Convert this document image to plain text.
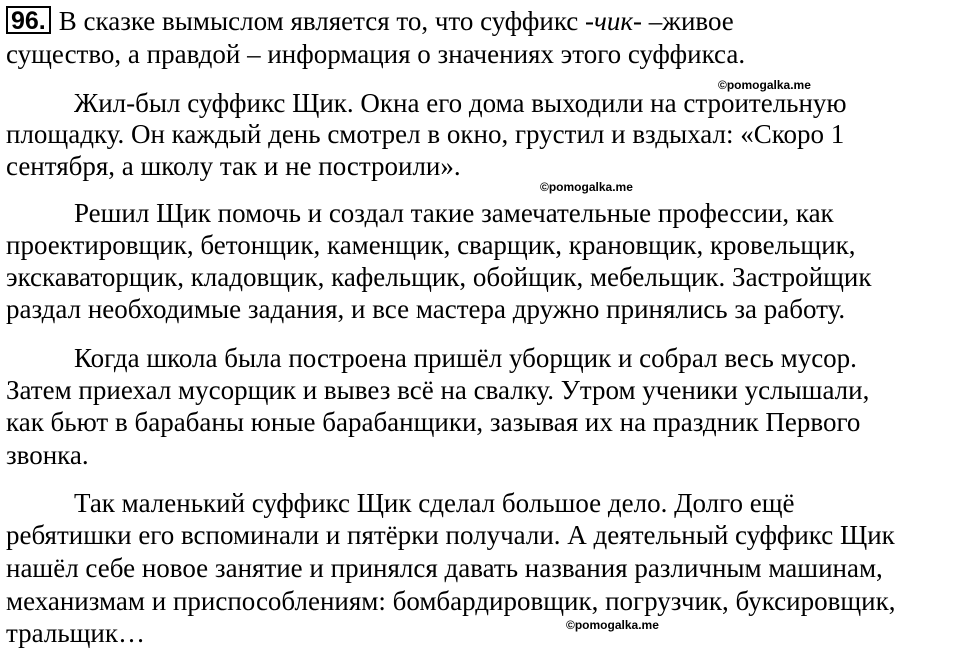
96. В сказке вымыслом является то, что суффикс -чик- –живое
существо, а правдой – информация о значениях этого суффикса.
©pomogalka.me
Жил-был суффикс Щик. Окна его дома выходили на строительную
площадку. Он каждый день смотрел в окно, грустил и вздыхал: «Скоро 1
сентября, а школу так и не построили».
©pomogalka.me
Решил Щик помочь и создал такие замечательные профессии, как
проектировщик, бетонщик, каменщик, сварщик, крановщик, кровельщик,
экскаваторщик, кладовщик, кафельщик, обойщик, мебельщик. Застройщик
раздал необходимые задания, и все мастера дружно принялись за работу.
Когда школа была построена пришёл уборщик и собрал весь мусор.
Затем приехал мусорщик и вывез всё на свалку. Утром ученики услышали,
как бьют в барабаны юные барабанщики, зазывая их на праздник Первого
звонка.
Так маленький суффикс Щик сделал большое дело. Долго ещё
ребятишки его вспоминали и пятёрки получали. А деятельный суффикс Щик
нашёл себе новое занятие и принялся давать названия различным машинам,
механизмам и приспособлениям: бомбардировщик, погрузчик, буксировщик,
тральщик…	©pomogalka.me
